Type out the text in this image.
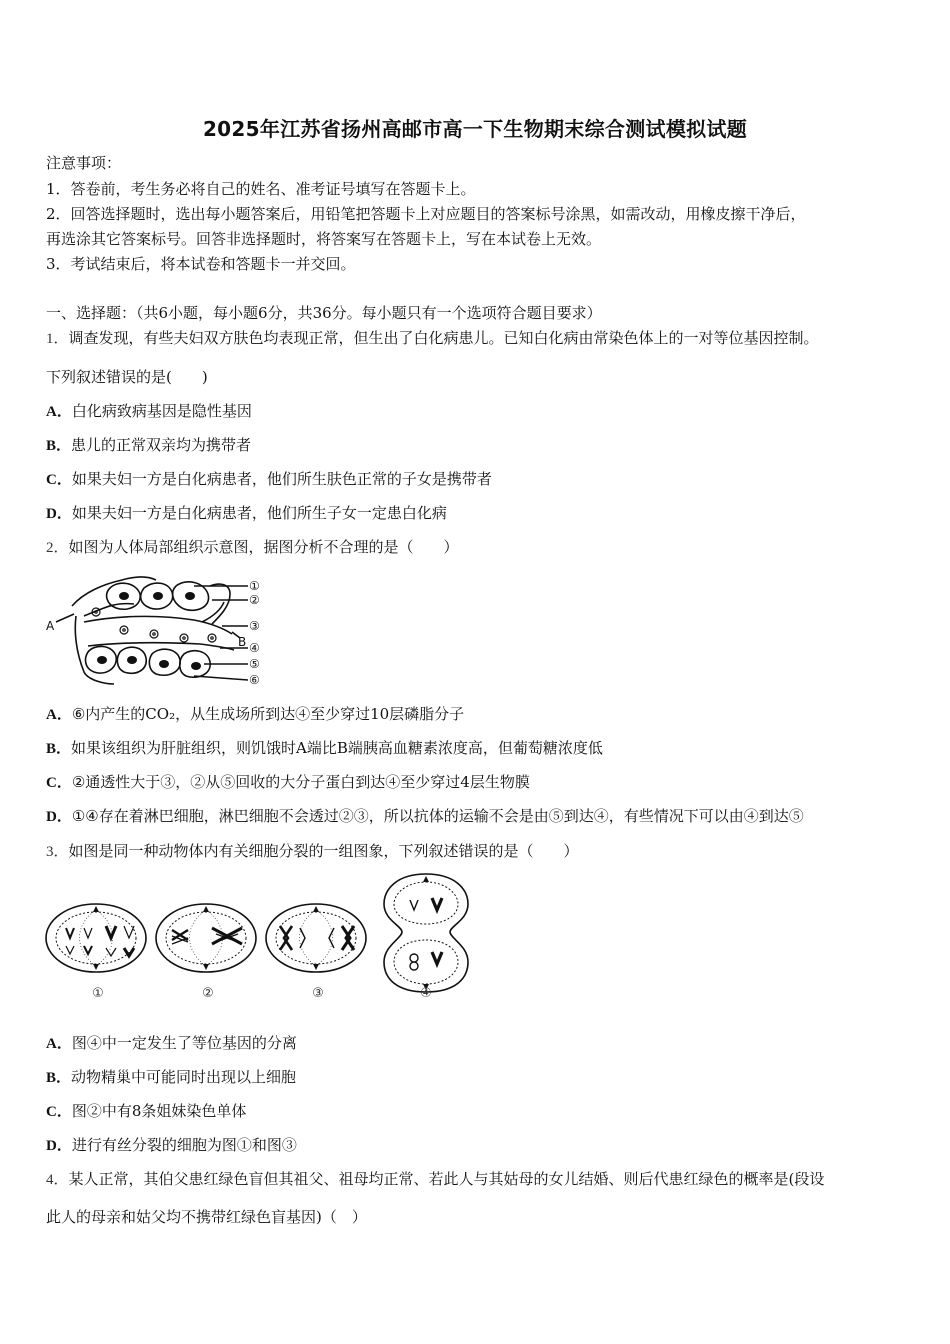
2025年江苏省扬州高邮市高一下生物期末综合测试模拟试题
注意事项：
1．答卷前，考生务必将自己的姓名、准考证号填写在答题卡上。
2．回答选择题时，选出每小题答案后，用铅笔把答题卡上对应题目的答案标号涂黑，如需改动，用橡皮擦干净后，
再选涂其它答案标号。回答非选择题时，将答案写在答题卡上，写在本试卷上无效。
3．考试结束后，将本试卷和答题卡一并交回。
一、选择题：（共6小题，每小题6分，共36分。每小题只有一个选项符合题目要求）
1．调查发现，有些夫妇双方肤色均表现正常，但生出了白化病患儿。已知白化病由常染色体上的一对等位基因控制。
下列叙述错误的是(　　)
A．白化病致病基因是隐性基因
B．患儿的正常双亲均为携带者
C．如果夫妇一方是白化病患者，他们所生肤色正常的子女是携带者
D．如果夫妇一方是白化病患者，他们所生子女一定患白化病
2．如图为人体局部组织示意图，据图分析不合理的是（　　）
A
B
①
②
③
④
⑤
⑥
A．⑥内产生的CO₂，从生成场所到达④至少穿过10层磷脂分子
B．如果该组织为肝脏组织，则饥饿时A端比B端胰高血糖素浓度高，但葡萄糖浓度低
C．②通透性大于③，②从⑤回收的大分子蛋白到达④至少穿过4层生物膜
D．①④存在着淋巴细胞，淋巴细胞不会透过②③，所以抗体的运输不会是由⑤到达④，有些情况下可以由④到达⑤
3．如图是同一种动物体内有关细胞分裂的一组图象，下列叙述错误的是（　　）
①	②	③	④
A．图④中一定发生了等位基因的分离
B．动物精巢中可能同时出现以上细胞
C．图②中有8条姐妹染色单体
D．进行有丝分裂的细胞为图①和图③
4．某人正常，其伯父患红绿色盲但其祖父、祖母均正常、若此人与其姑母的女儿结婚、则后代患红绿色的概率是(段设
此人的母亲和姑父均不携带红绿色盲基因)（　）
